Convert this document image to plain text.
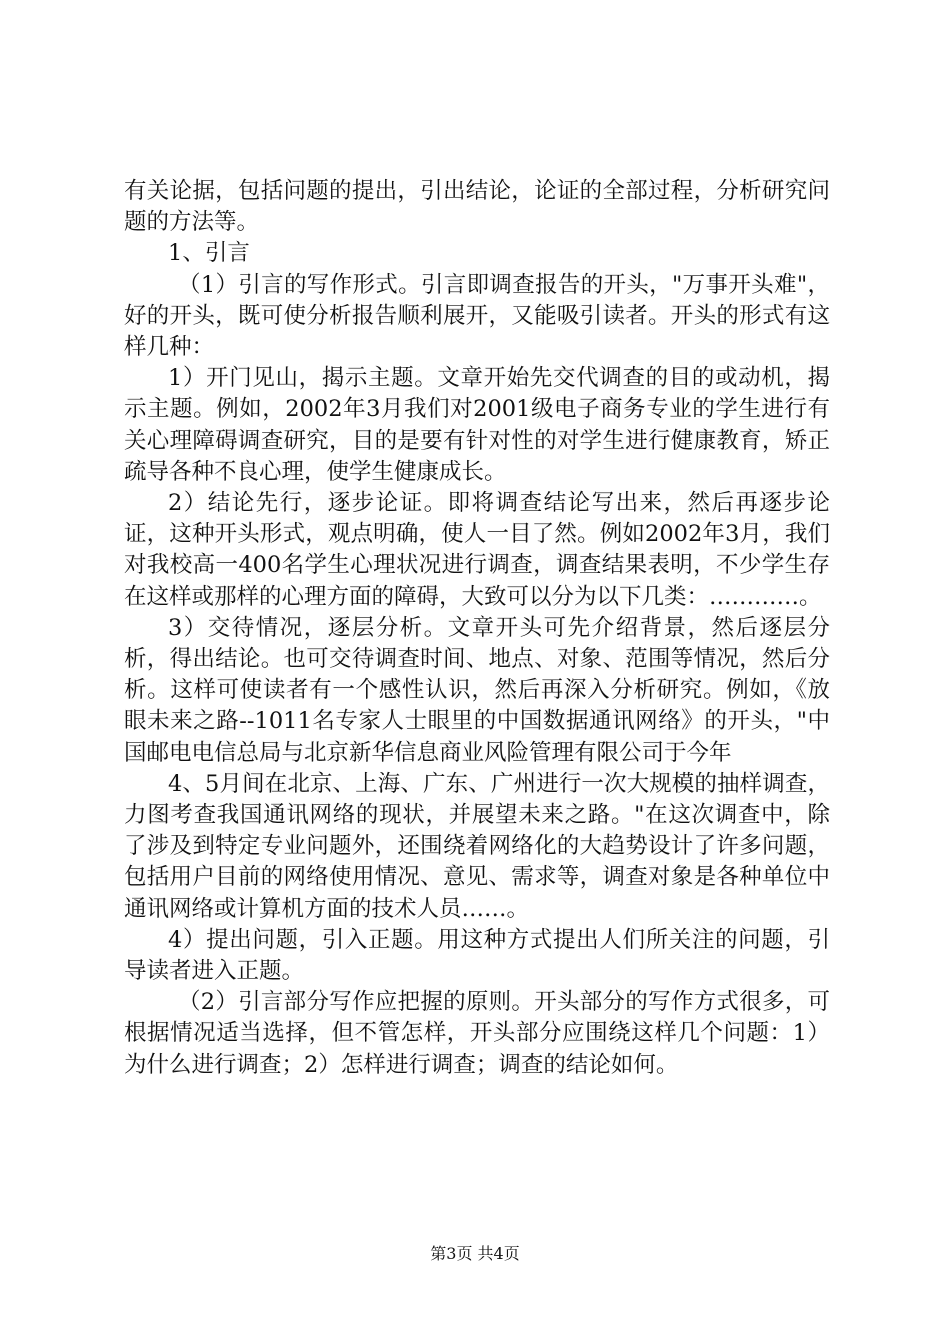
有关论据，包括问题的提出，引出结论，论证的全部过程，分析研究问题的方法等。

1、引言

（1）引言的写作形式。引言即调查报告的开头，"万事开头难"，好的开头，既可使分析报告顺利展开，又能吸引读者。开头的形式有这样几种：

1）开门见山，揭示主题。文章开始先交代调查的目的或动机，揭示主题。例如，2002年3月我们对2001级电子商务专业的学生进行有关心理障碍调查研究，目的是要有针对性的对学生进行健康教育，矫正疏导各种不良心理，使学生健康成长。

2）结论先行，逐步论证。即将调查结论写出来，然后再逐步论证，这种开头形式，观点明确，使人一目了然。例如2002年3月，我们对我校高一400名学生心理状况进行调查，调查结果表明，不少学生存在这样或那样的心理方面的障碍，大致可以分为以下几类：…………。

3）交待情况，逐层分析。文章开头可先介绍背景，然后逐层分析，得出结论。也可交待调查时间、地点、对象、范围等情况，然后分析。这样可使读者有一个感性认识，然后再深入分析研究。例如，《放眼未来之路--1011名专家人士眼里的中国数据通讯网络》的开头，"中国邮电电信总局与北京新华信息商业风险管理有限公司于今年

4、5月间在北京、上海、广东、广州进行一次大规模的抽样调查，力图考查我国通讯网络的现状，并展望未来之路。"在这次调查中，除了涉及到特定专业问题外，还围绕着网络化的大趋势设计了许多问题，包括用户目前的网络使用情况、意见、需求等，调查对象是各种单位中通讯网络或计算机方面的技术人员……。

4）提出问题，引入正题。用这种方式提出人们所关注的问题，引导读者进入正题。

（2）引言部分写作应把握的原则。开头部分的写作方式很多，可根据情况适当选择，但不管怎样，开头部分应围绕这样几个问题：1）为什么进行调查；2）怎样进行调查；调查的结论如何。

第3页 共4页
